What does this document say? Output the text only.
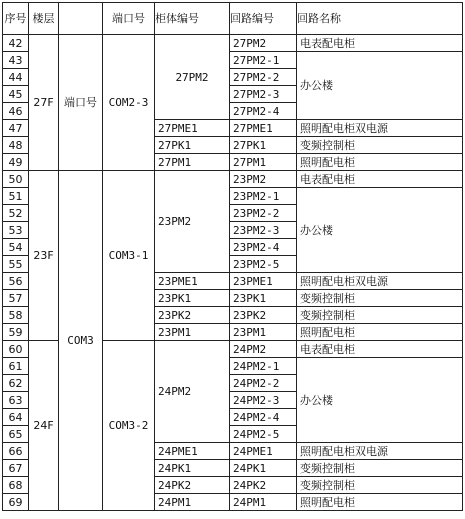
序号	楼层		端口号	柜体编号	回路编号	回路名称
42	27F	端口号	COM2-3	27PM2	27PM2	电表配电柜
43					27PM2-1	办公楼
44					27PM2-2	
45					27PM2-3	
46					27PM2-4	
47				27PME1	27PME1	照明配电柜双电源
48				27PK1	27PK1	变频控制柜
49				27PM1	27PM1	照明配电柜
50	23F	COM3	COM3-1	23PM2	23PM2	电表配电柜
51					23PM2-1	办公楼
52					23PM2-2	
53					23PM2-3	
54					23PM2-4	
55					23PM2-5	
56				23PME1	23PME1	照明配电柜双电源
57				23PK1	23PK1	变频控制柜
58				23PK2	23PK2	变频控制柜
59				23PM1	23PM1	照明配电柜
60	24F		COM3-2	24PM2	24PM2	电表配电柜
61					24PM2-1	办公楼
62					24PM2-2	
63					24PM2-3	
64					24PM2-4	
65					24PM2-5	
66				24PME1	24PME1	照明配电柜双电源
67				24PK1	24PK1	变频控制柜
68				24PK2	24PK2	变频控制柜
69				24PM1	24PM1	照明配电柜
